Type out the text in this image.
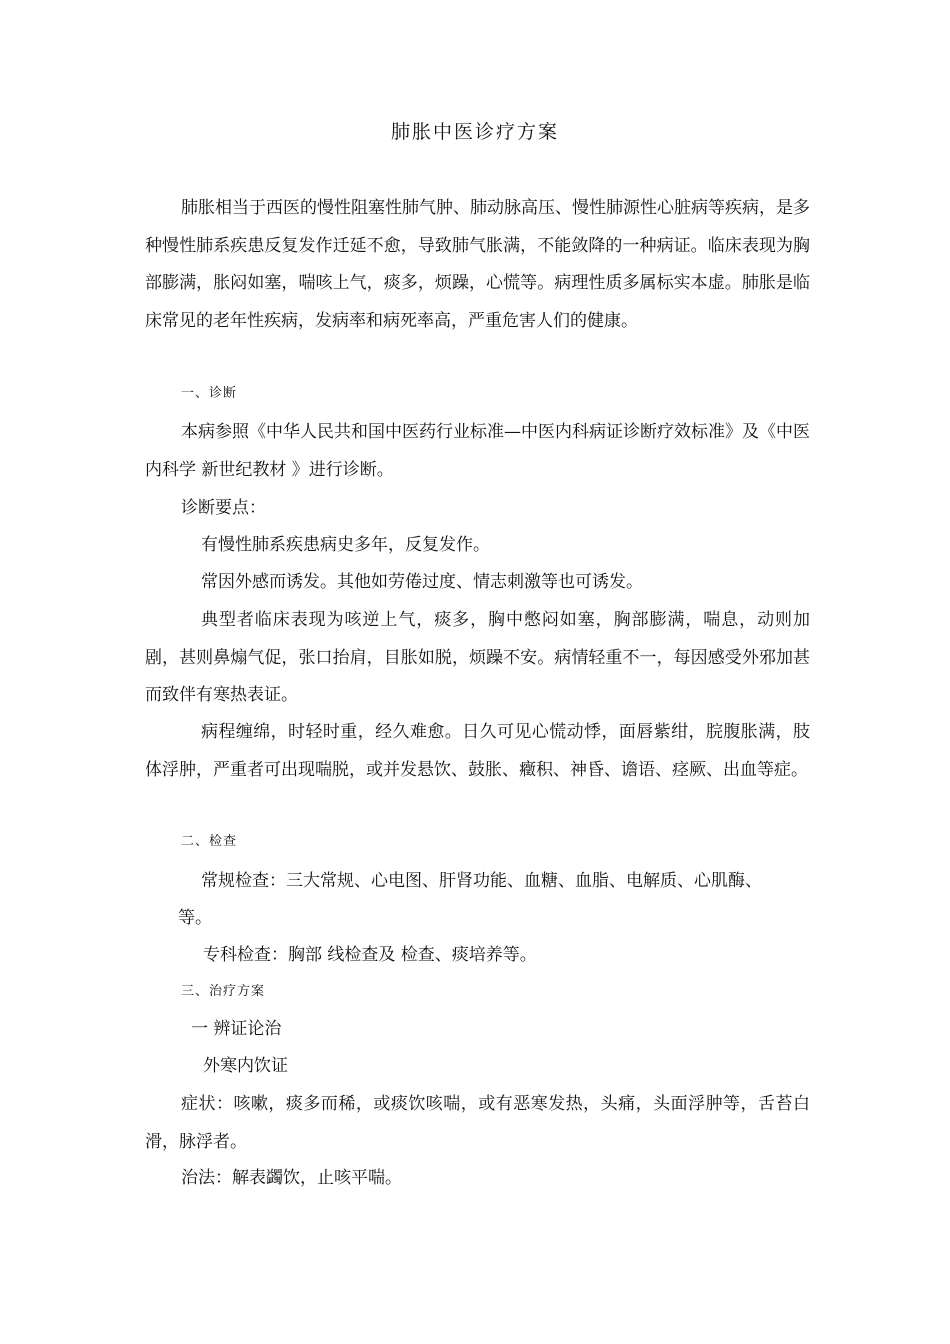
肺胀中医诊疗方案
肺胀相当于西医的慢性阻塞性肺气肿、肺动脉高压、慢性肺源性心脏病等疾病，是多种慢性肺系疾患反复发作迁延不愈，导致肺气胀满，不能敛降的一种病证。临床表现为胸部膨满，胀闷如塞，喘咳上气，痰多，烦躁，心慌等。病理性质多属标实本虚。肺胀是临床常见的老年性疾病，发病率和病死率高，严重危害人们的健康。
一、诊断
本病参照《中华人民共和国中医药行业标准—中医内科病证诊断疗效标准》及《中医内科学 新世纪教材 》进行诊断。
诊断要点：
有慢性肺系疾患病史多年，反复发作。
常因外感而诱发。其他如劳倦过度、情志刺激等也可诱发。
典型者临床表现为咳逆上气，痰多，胸中憋闷如塞，胸部膨满，喘息，动则加剧，甚则鼻煽气促，张口抬肩，目胀如脱，烦躁不安。病情轻重不一，每因感受外邪加甚而致伴有寒热表证。
病程缠绵，时轻时重，经久难愈。日久可见心慌动悸，面唇紫绀，脘腹胀满，肢体浮肿，严重者可出现喘脱，或并发悬饮、鼓胀、癥积、神昏、谵语、痉厥、出血等症。
二、检查
常规检查：三大常规、心电图、肝肾功能、血糖、血脂、电解质、心肌酶、
等。
专科检查：胸部 线检查及 检查、痰培养等。
三、治疗方案
一 辨证论治
外寒内饮证
症状：咳嗽，痰多而稀，或痰饮咳喘，或有恶寒发热，头痛，头面浮肿等，舌苔白滑，脉浮者。
治法：解表蠲饮，止咳平喘。
